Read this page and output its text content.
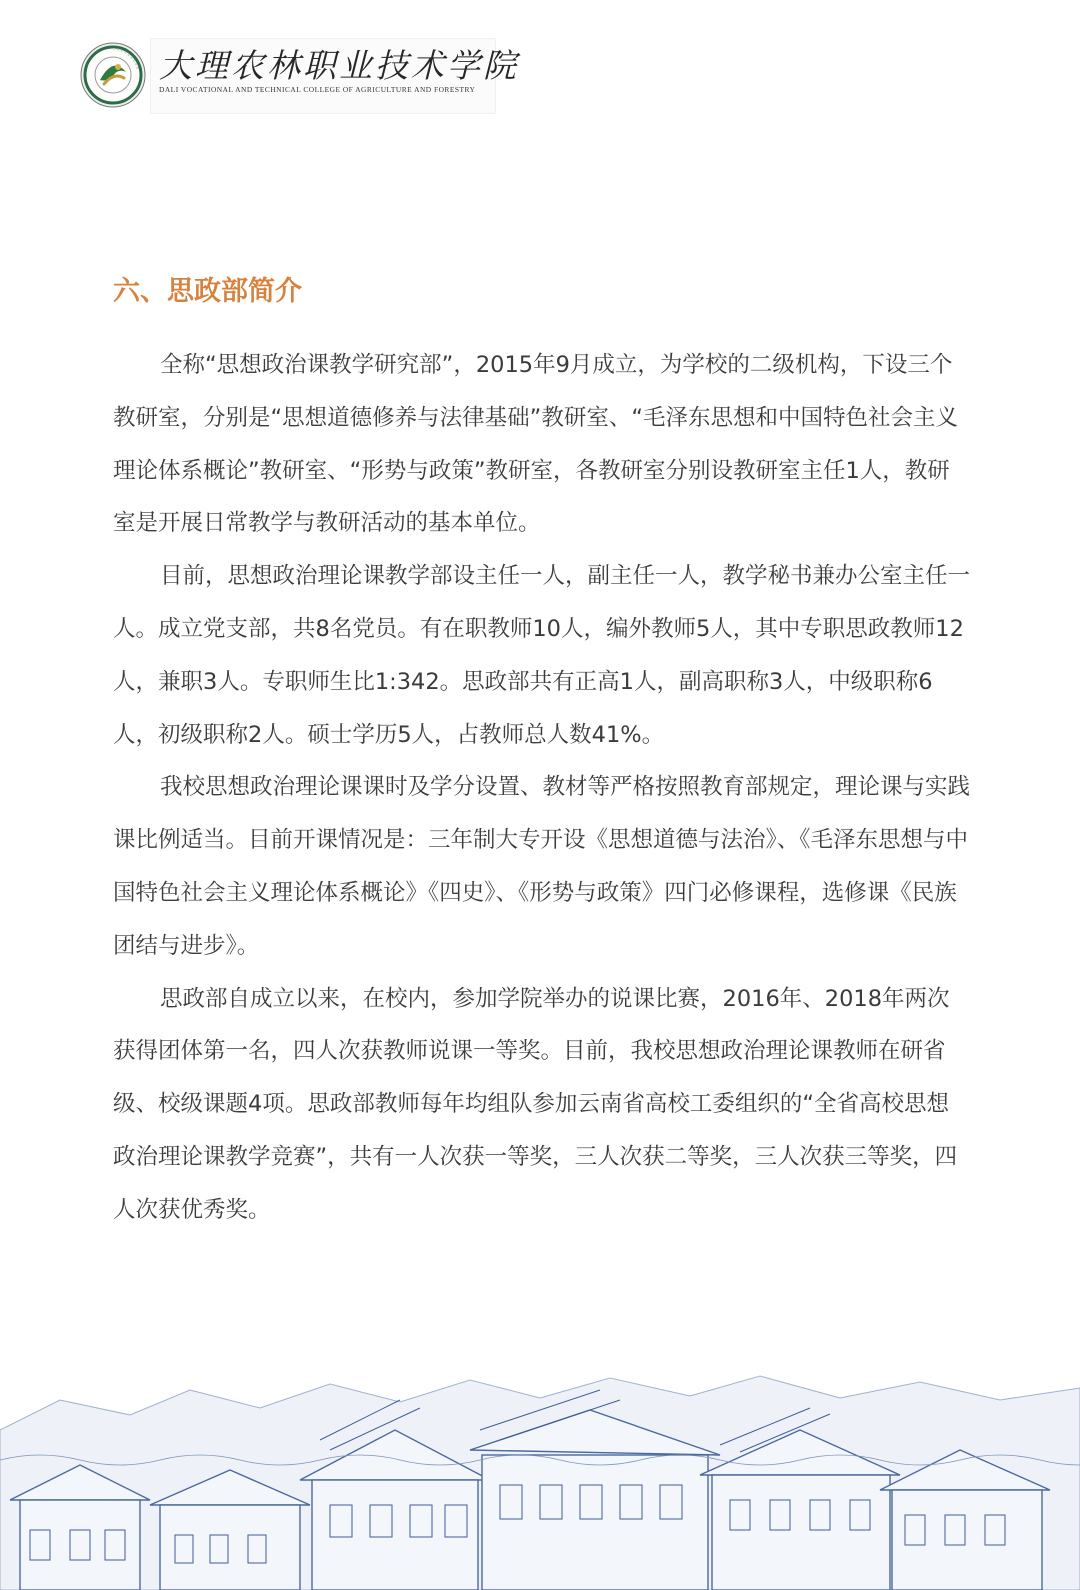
大理农林职业技术学院
DALI VOCATIONAL AND TECHNICAL COLLEGE OF AGRICULTURE AND FORESTRY
六、思政部简介

全称“思想政治课教学研究部”，2015年9月成立，为学校的二级机构，下设三个教研室，分别是“思想道德修养与法律基础”教研室、“毛泽东思想和中国特色社会主义理论体系概论”教研室、“形势与政策”教研室，各教研室分别设教研室主任1人，教研室是开展日常教学与教研活动的基本单位。

目前，思想政治理论课教学部设主任一人，副主任一人，教学秘书兼办公室主任一人。成立党支部，共8名党员。有在职教师10人，编外教师5人，其中专职思政教师12人，兼职3人。专职师生比1:342。思政部共有正高1人，副高职称3人，中级职称6人，初级职称2人。硕士学历5人，占教师总人数41%。

我校思想政治理论课课时及学分设置、教材等严格按照教育部规定，理论课与实践课比例适当。目前开课情况是：三年制大专开设《思想道德与法治》、《毛泽东思想与中国特色社会主义理论体系概论》《四史》、《形势与政策》四门必修课程，选修课《民族团结与进步》。

思政部自成立以来，在校内，参加学院举办的说课比赛，2016年、2018年两次获得团体第一名，四人次获教师说课一等奖。目前，我校思想政治理论课教师在研省级、校级课题4项。思政部教师每年均组队参加云南省高校工委组织的“全省高校思想政治理论课教学竞赛”，共有一人次获一等奖，三人次获二等奖，三人次获三等奖，四人次获优秀奖。
